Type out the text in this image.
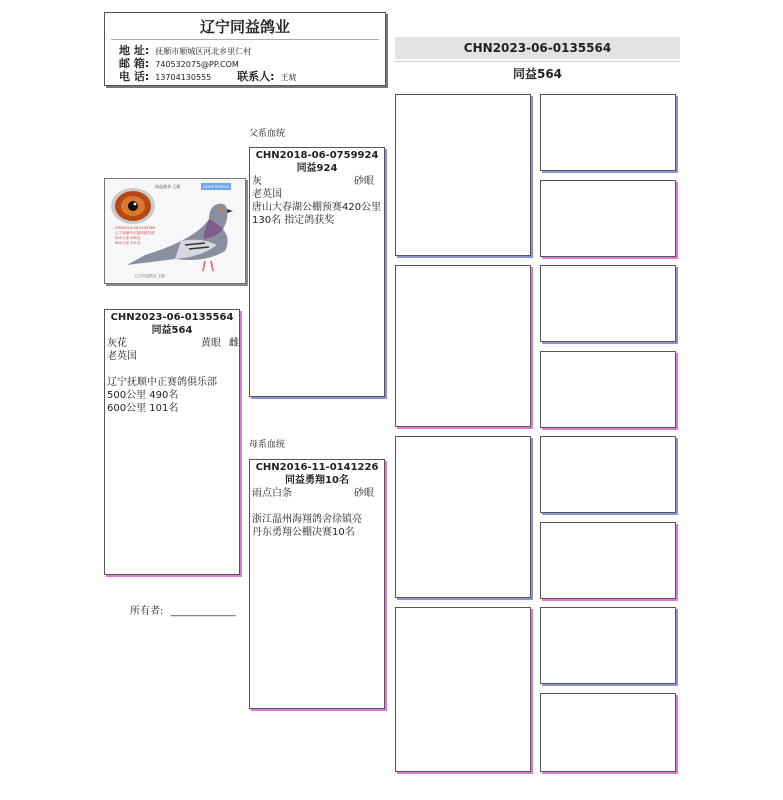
辽宁同益鸽业
地 址: 抚顺市顺城区河北乡里仁村
邮 箱: 740532075@PP.COM
电 话: 13704130555 联系人: 王琥
CHN2023-06-0135564
同益564
同益鸽业·王琥	HOME PIGEON
CHN2023-06-0135564
辽宁抚顺中正赛鸽俱乐部
500公里 490名
600公里 101名
辽宁同益鸽业 王琥
CHN2023-06-0135564
同益564
灰花	黄眼 雌
老英国
辽宁抚顺中正赛鸽俱乐部
500公里 490名
600公里 101名
所有者: _____________
父系血统
CHN2018-06-0759924
同益924
灰	砂眼
老英国
唐山大春湖公棚预赛420公里
130名 指定鸽获奖
母系血统
CHN2016-11-0141226
同益勇翔10名
雨点白条	砂眼
浙江温州海翔鸽舍徐镇亮
丹东勇翔公棚决赛10名
